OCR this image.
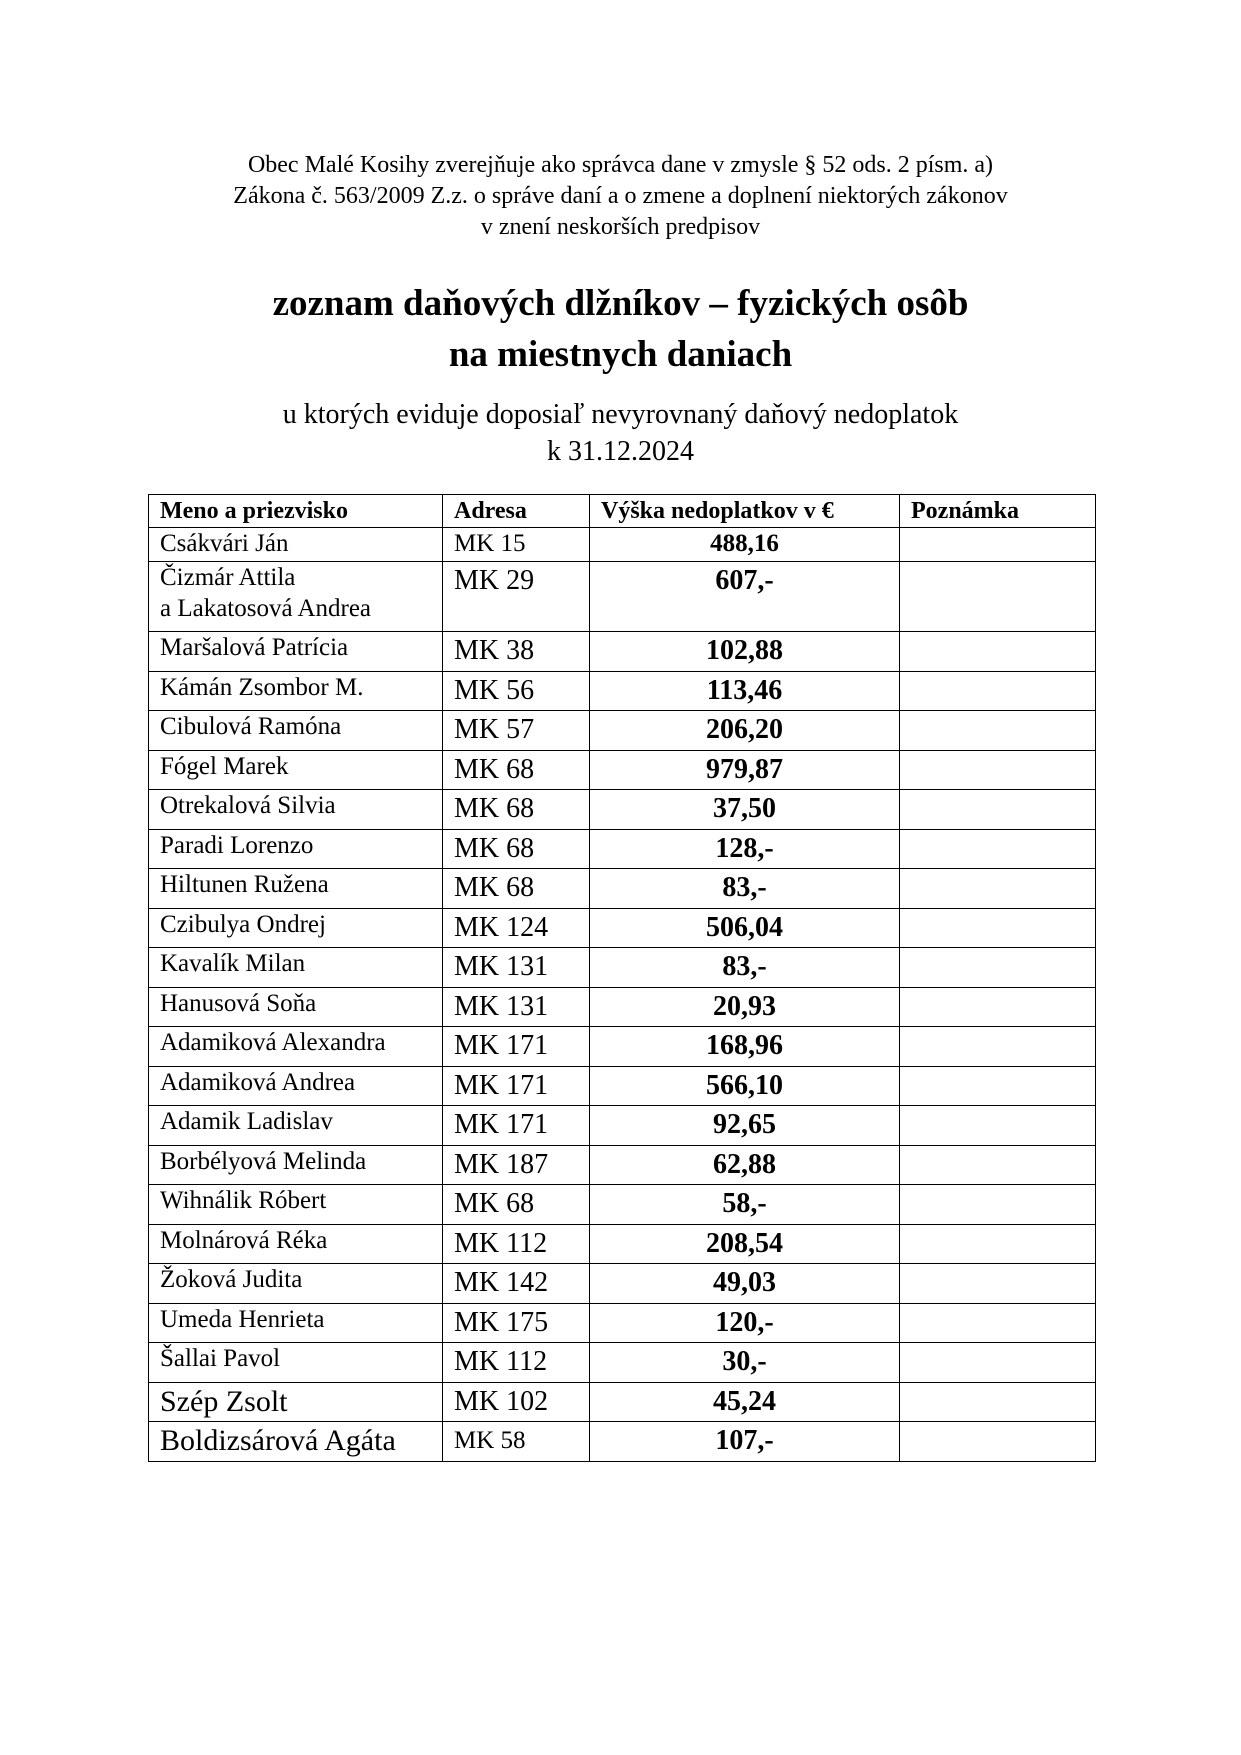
Obec Malé Kosihy zverejňuje ako správca dane v zmysle § 52 ods. 2 písm. a)
Zákona č. 563/2009 Z.z. o správe daní a o zmene a doplnení niektorých zákonov
v znení neskorších predpisov
zoznam daňových dlžníkov – fyzických osôb
na miestnych daniach
u ktorých eviduje doposiaľ nevyrovnaný daňový nedoplatok
k 31.12.2024
Meno a priezvisko	Adresa	Výška nedoplatkov v €	Poznámka

Csákvári Ján	MK 15	488,16	

Čizmár Attila
a Lakatosová Andrea	MK 29	607,-	

Maršalová Patrícia	MK 38	102,88	

Kámán Zsombor M.	MK 56	113,46	

Cibulová Ramóna	MK 57	206,20	

Fógel Marek	MK 68	979,87	

Otrekalová Silvia	MK 68	37,50	

Paradi Lorenzo	MK 68	128,-	

Hiltunen Ružena	MK 68	83,-	

Czibulya Ondrej	MK 124	506,04	

Kavalík Milan	MK 131	83,-	

Hanusová Soňa	MK 131	20,93	

Adamiková Alexandra	MK 171	168,96	

Adamiková Andrea	MK 171	566,10	

Adamik Ladislav	MK 171	92,65	

Borbélyová Melinda	MK 187	62,88	

Wihnálik Róbert	MK 68	58,-	

Molnárová Réka	MK 112	208,54	

Žoková Judita	MK 142	49,03	

Umeda Henrieta	MK 175	120,-	

Šallai Pavol	MK 112	30,-	

Szép Zsolt	MK 102	45,24	

Boldizsárová Agáta	MK 58	107,-	
